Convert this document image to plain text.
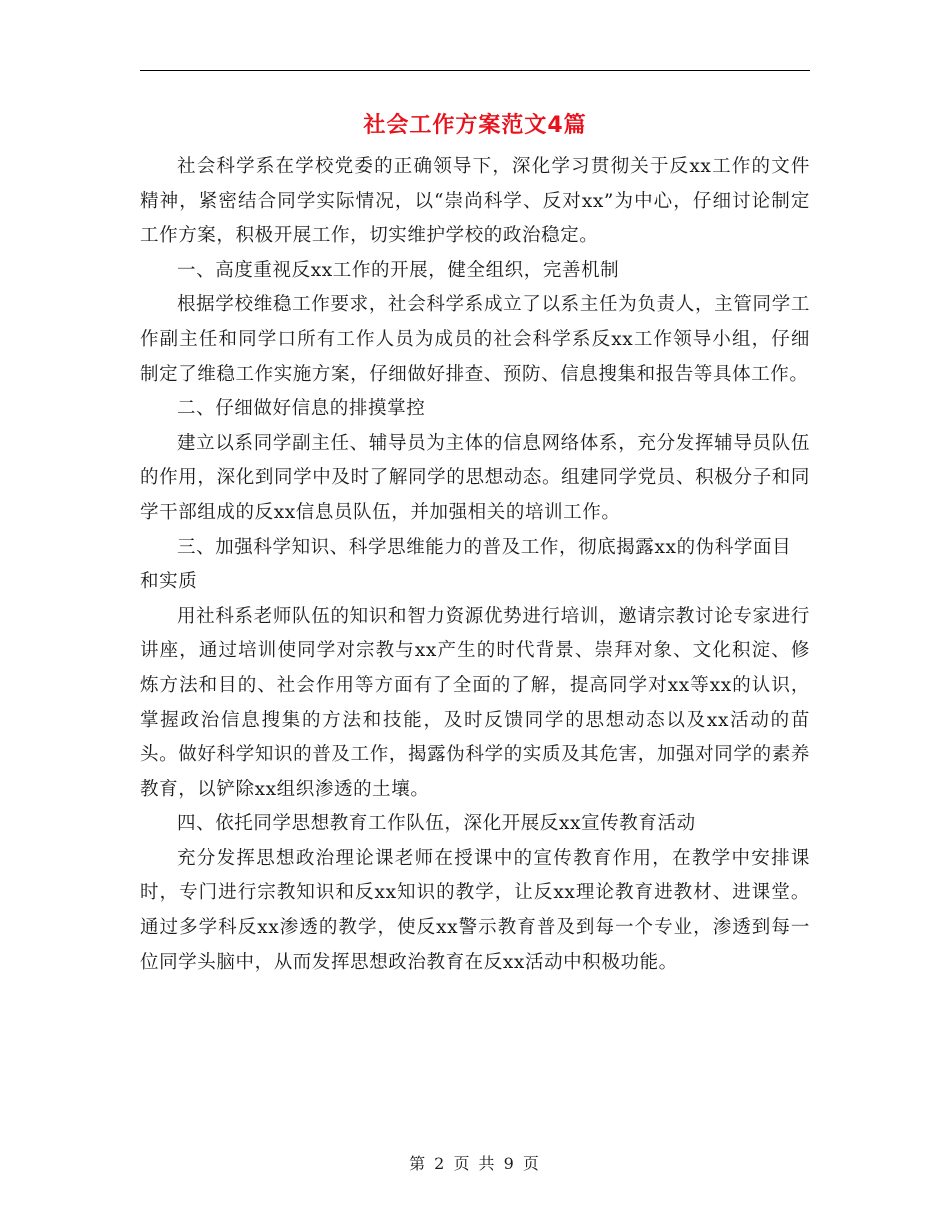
社会工作方案范文4篇

社会科学系在学校党委的正确领导下，深化学习贯彻关于反xx工作的文件精神，紧密结合同学实际情况，以“崇尚科学、反对xx”为中心，仔细讨论制定工作方案，积极开展工作，切实维护学校的政治稳定。

一、高度重视反xx工作的开展，健全组织，完善机制

根据学校维稳工作要求，社会科学系成立了以系主任为负责人，主管同学工作副主任和同学口所有工作人员为成员的社会科学系反xx工作领导小组，仔细制定了维稳工作实施方案，仔细做好排查、预防、信息搜集和报告等具体工作。

二、仔细做好信息的排摸掌控

建立以系同学副主任、辅导员为主体的信息网络体系，充分发挥辅导员队伍的作用，深化到同学中及时了解同学的思想动态。组建同学党员、积极分子和同学干部组成的反xx信息员队伍，并加强相关的培训工作。

三、加强科学知识、科学思维能力的普及工作，彻底揭露xx的伪科学面目和实质

用社科系老师队伍的知识和智力资源优势进行培训，邀请宗教讨论专家进行讲座，通过培训使同学对宗教与xx产生的时代背景、崇拜对象、文化积淀、修炼方法和目的、社会作用等方面有了全面的了解，提高同学对xx等xx的认识，掌握政治信息搜集的方法和技能，及时反馈同学的思想动态以及xx活动的苗头。做好科学知识的普及工作，揭露伪科学的实质及其危害，加强对同学的素养教育，以铲除xx组织渗透的土壤。

四、依托同学思想教育工作队伍，深化开展反xx宣传教育活动

充分发挥思想政治理论课老师在授课中的宣传教育作用，在教学中安排课时，专门进行宗教知识和反xx知识的教学，让反xx理论教育进教材、进课堂。通过多学科反xx渗透的教学，使反xx警示教育普及到每一个专业，渗透到每一位同学头脑中，从而发挥思想政治教育在反xx活动中积极功能。

第 2 页 共 9 页
